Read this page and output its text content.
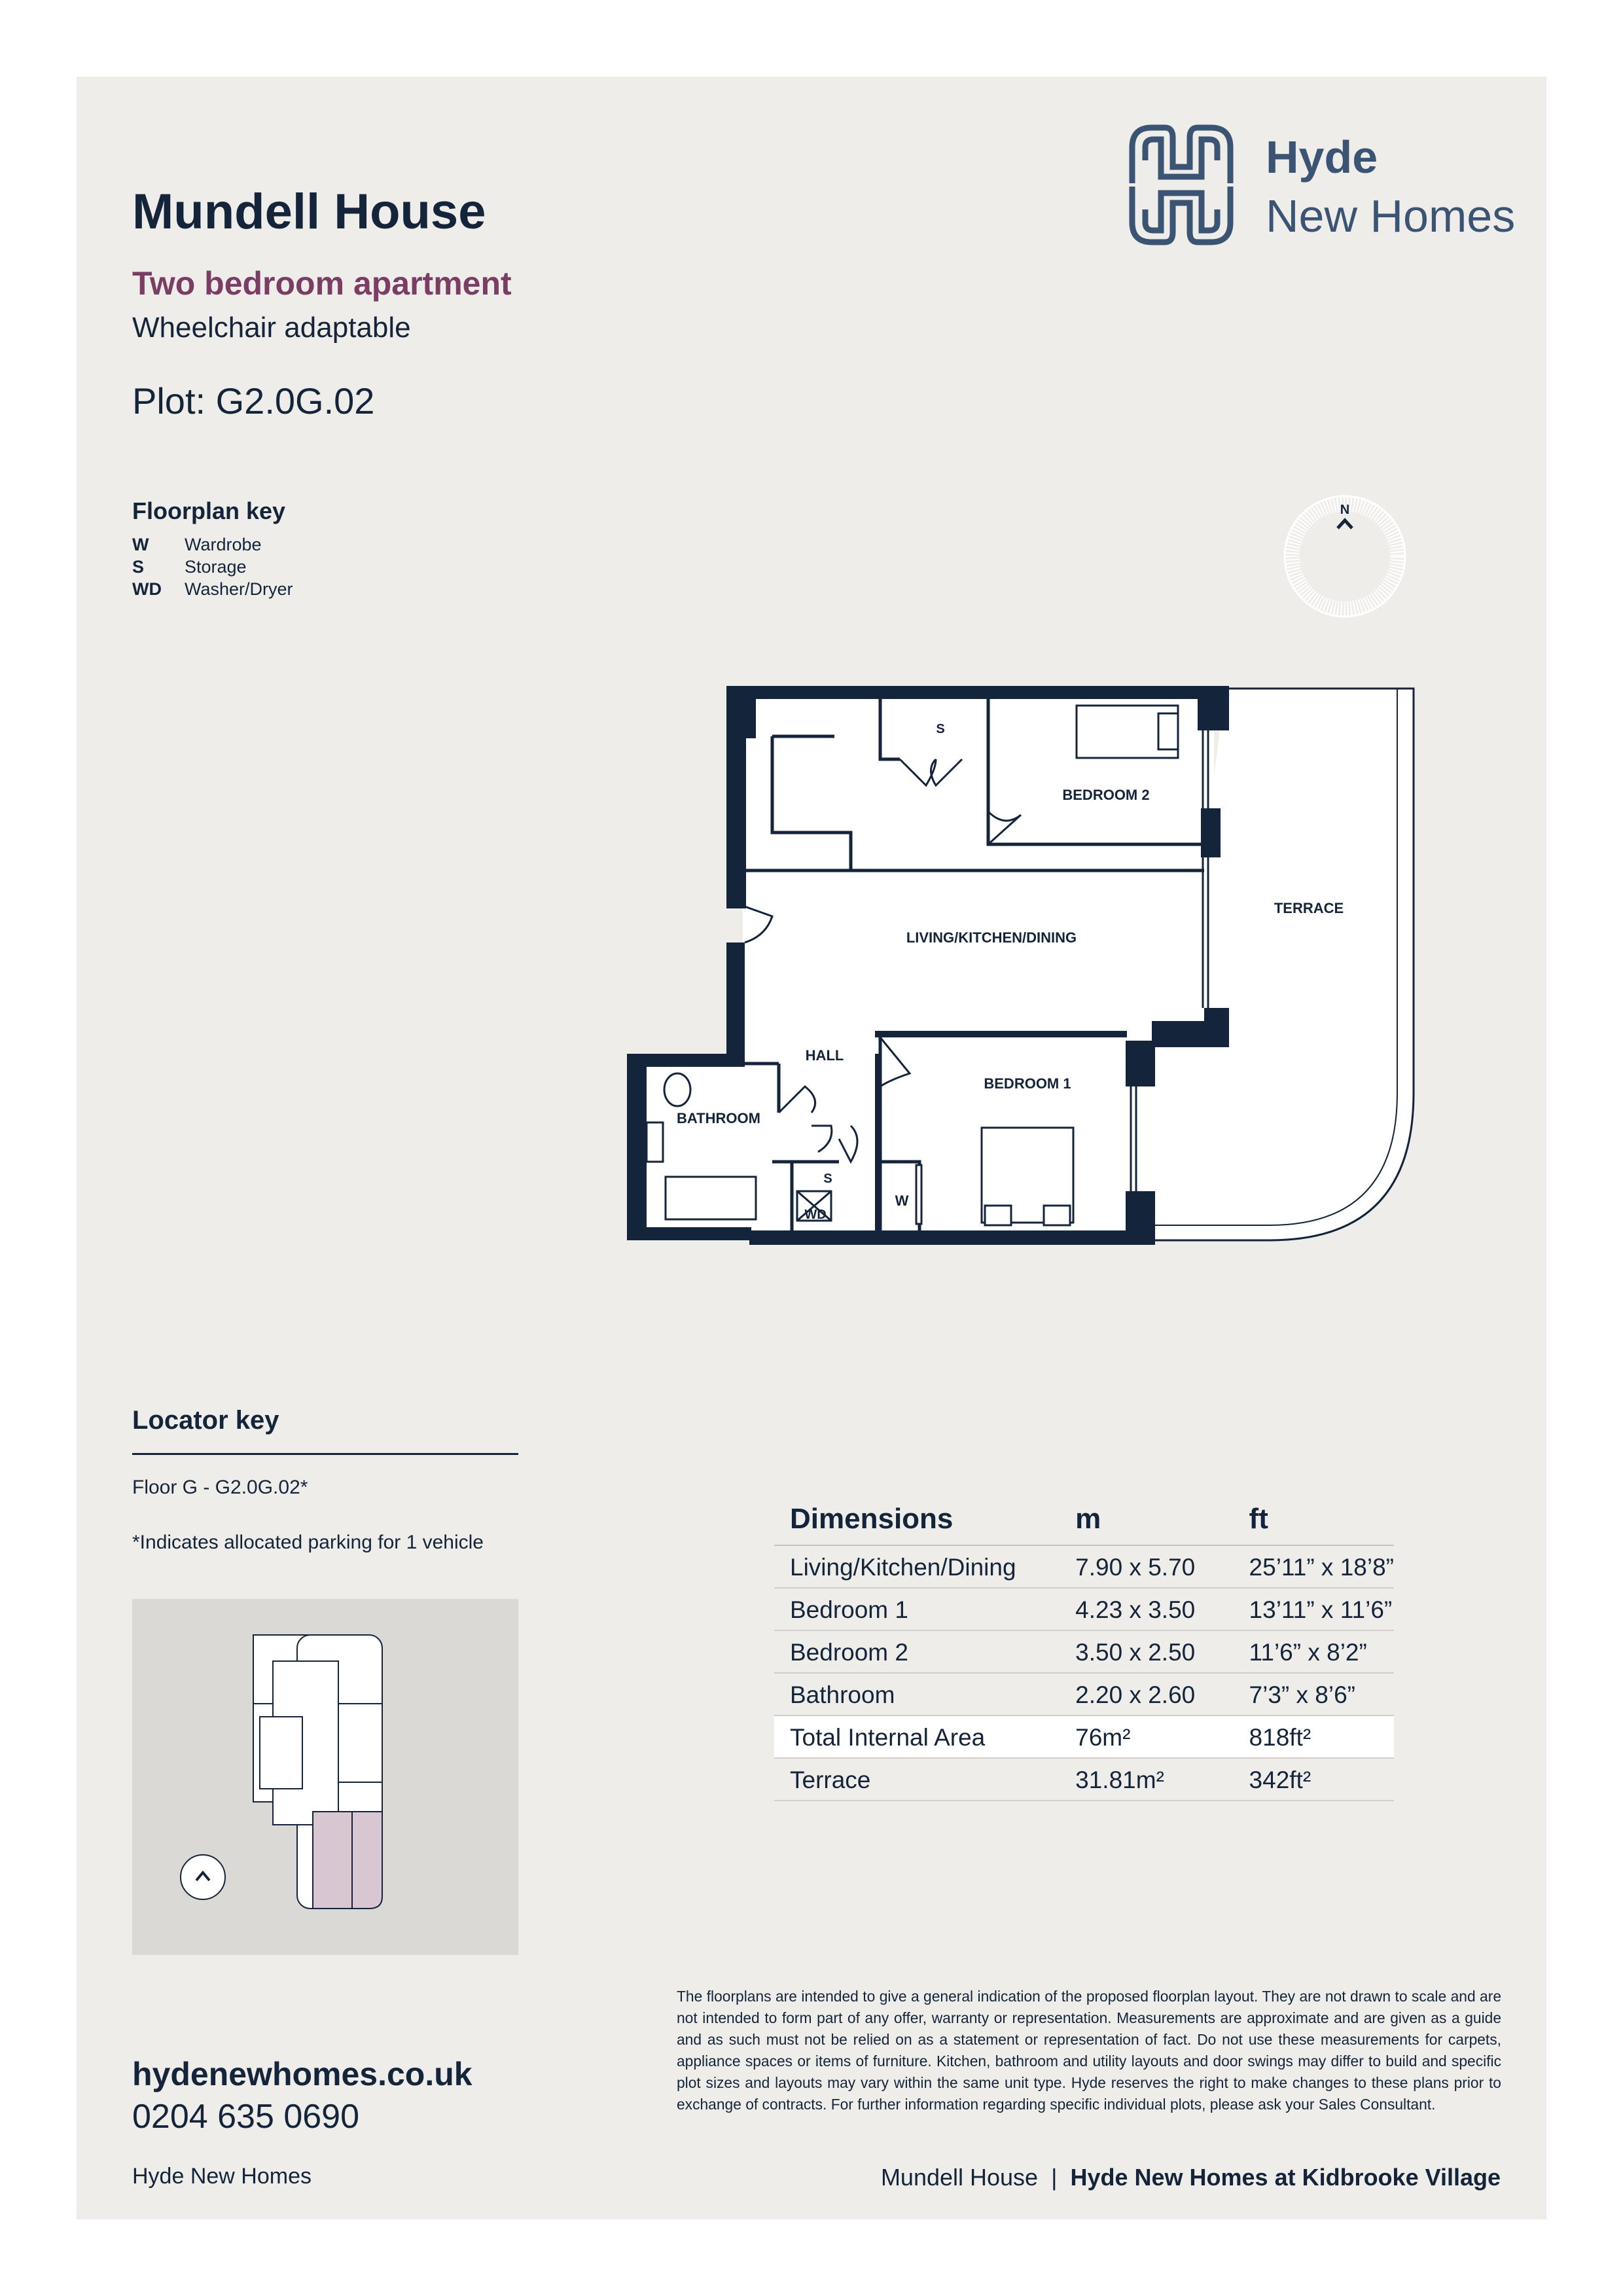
Mundell House
Two bedroom apartment
Wheelchair adaptable
Plot: G2.0G.02
Hyde
New Homes
Floorplan key
W	Wardrobe
S	Storage
WD	Washer/Dryer
N
S
BEDROOM 2
TERRACE
LIVING/KITCHEN/DINING
HALL
BEDROOM 1
BATHROOM
S
W
WD
Locator key
Floor G - G2.0G.02*
*Indicates allocated parking for 1 vehicle
Dimensions	m	ft
Living/Kitchen/Dining	7.90 x 5.70	25’11” x 18’8”
Bedroom 1	4.23 x 3.50	13’11” x 11’6”
Bedroom 2	3.50 x 2.50	11’6” x 8’2”
Bathroom	2.20 x 2.60	7’3” x 8’6”
Total Internal Area	76m²	818ft²
Terrace	31.81m²	342ft²
The floorplans are intended to give a general indication of the proposed floorplan layout. They are not drawn to scale and are not intended to form part of any offer, warranty or representation. Measurements are approximate and are given as a guide and as such must not be relied on as a statement or representation of fact. Do not use these measurements for carpets, appliance spaces or items of furniture. Kitchen, bathroom and utility layouts and door swings may differ to build and specific plot sizes and layouts may vary within the same unit type. Hyde reserves the right to make changes to these plans prior to exchange of contracts. For further information regarding specific individual plots, please ask your Sales Consultant.
hydenewhomes.co.uk
0204 635 0690
Hyde New Homes	Mundell House | Hyde New Homes at Kidbrooke Village
